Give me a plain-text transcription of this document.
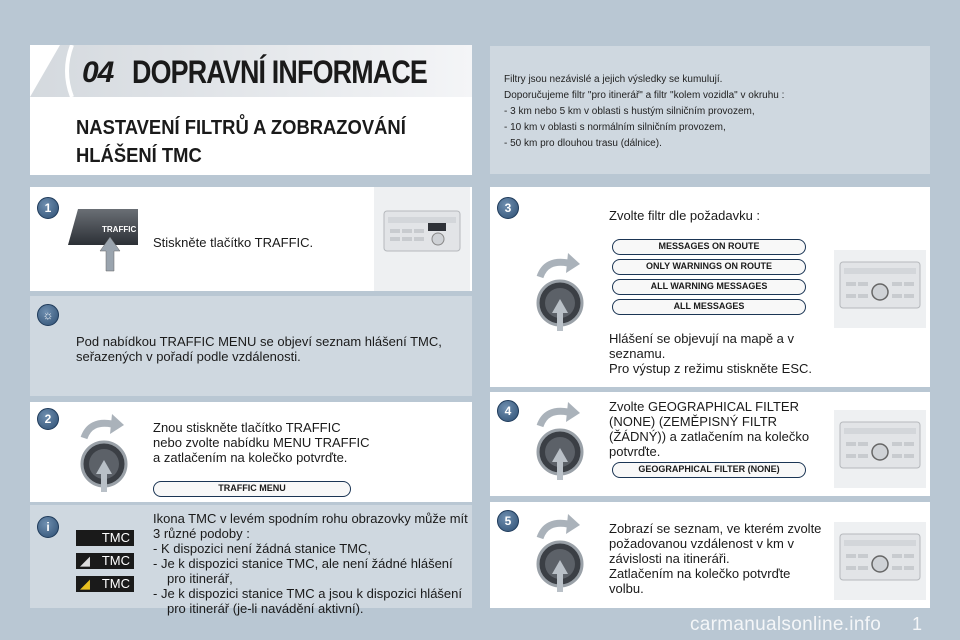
04 DOPRAVNÍ INFORMACE
NASTAVENÍ FILTRŮ A ZOBRAZOVÁNÍ
HLÁŠENÍ TMC
Filtry jsou nezávislé a jejich výsledky se kumulují.
Doporučujeme filtr "pro itinerář" a filtr "kolem vozidla" v okruhu :
- 3 km nebo 5 km v oblasti s hustým silničním provozem,
- 10 km v oblasti s normálním silničním provozem,
- 50 km pro dlouhou trasu (dálnice).
1
TRAFFIC
Stiskněte tlačítko TRAFFIC.
☼
Pod nabídkou TRAFFIC MENU se objeví seznam hlášení TMC,
seřazených v pořadí podle vzdálenosti.
2
Znou stiskněte tlačítko TRAFFIC
nebo zvolte nabídku MENU TRAFFIC
a zatlačením na kolečko potvrďte.
TRAFFIC MENU
i
TMC
◢ TMC
◢ TMC
Ikona TMC v levém spodním rohu obrazovky může mít
3 různé podoby :
- K dispozici není žádná stanice TMC,
- Je k dispozici stanice TMC, ale není žádné hlášení
pro itinerář,
- Je k dispozici stanice TMC a jsou k dispozici hlášení
pro itinerář (je-li navádění aktivní).
3	Zvolte filtr dle požadavku :
MESSAGES ON ROUTE
ONLY WARNINGS ON ROUTE
ALL WARNING MESSAGES
ALL MESSAGES
Hlášení se objevují na mapě a v
seznamu.
Pro výstup z režimu stiskněte ESC.
4	Zvolte GEOGRAPHICAL FILTER
(NONE) (ZEMĚPISNÝ FILTR
(ŽÁDNÝ)) a zatlačením na kolečko
potvrďte.
GEOGRAPHICAL FILTER (NONE)
5	Zobrazí se seznam, ve kterém zvolte
požadovanou vzdálenost v km v
závislosti na itineráři.
Zatlačením na kolečko potvrďte
volbu.
carmanualsonline.info 1
